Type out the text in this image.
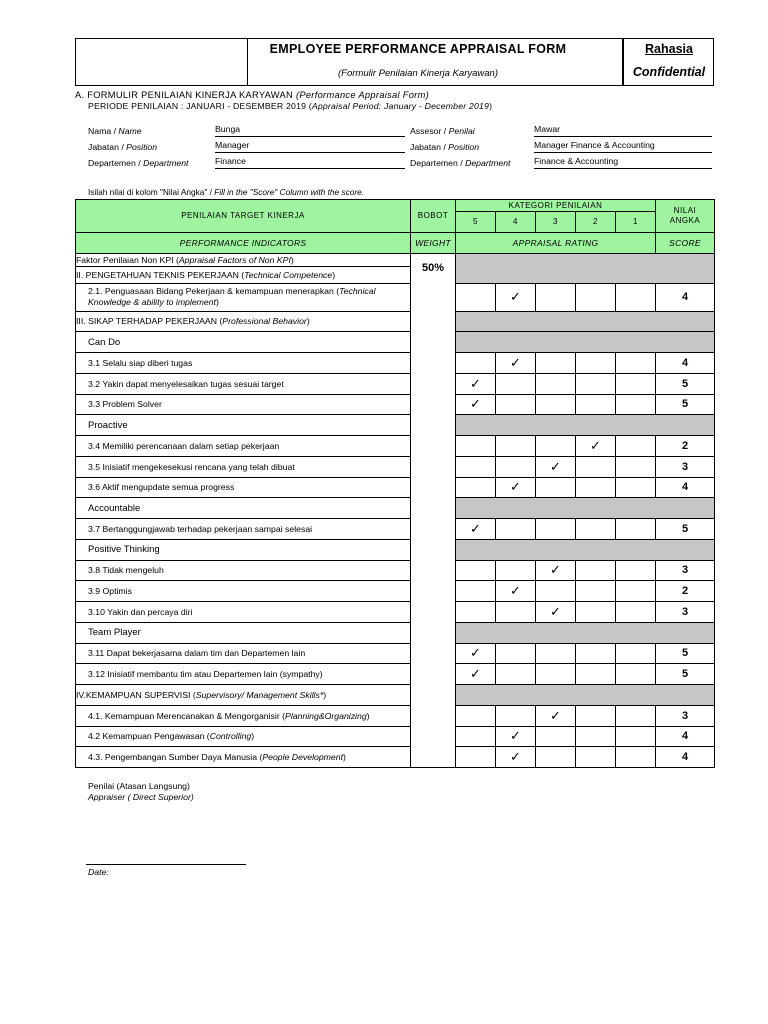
EMPLOYEE PERFORMANCE APPRAISAL FORM
(Formulir Penilaian Kinerja Karyawan)
Rahasia
Confidential
A. FORMULIR PENILAIAN KINERJA KARYAWAN (Performance Appraisal Form)
PERIODE PENILAIAN : JANUARI - DESEMBER 2019 (Appraisal Period: January - December 2019)
Nama / Name	Bunga
Jabatan / Position	Manager
Departemen / Department	Finance
Assesor / Penilai	Mawar
Jabatan / Position	Manager Finance & Accounting
Departemen / Department	Finance & Accounting
Isilah nilai di kolom "Nilai Angka" / Fill in the "Score" Column with the score.
PENILAIAN TARGET KINERJA	BOBOT	KATEGORI PENILAIAN					NILAI ANGKA
		5	4	3	2	1	
PERFORMANCE INDICATORS	WEIGHT	APPRAISAL RATING					SCORE
Faktor Penilaian Non KPI (Appraisal Factors of Non KPI)	50%						
II. PENGETAHUAN TEKNIS PEKERJAAN (Technical Competence)							
2.1. Penguasaan Bidang Pekerjaan & kemampuan menerapkan (Technical Knowledge & ability to implement)			✓				4
III. SIKAP TERHADAP PEKERJAAN (Professional Behavior)							
Can Do							
3.1 Selalu siap diberi tugas			✓				4
3.2 Yakin dapat menyelesaikan tugas sesuai target		✓					5
3.3 Problem Solver		✓					5
Proactive							
3.4 Memiliki perencanaan dalam setiap pekerjaan					✓		2
3.5 Inisiatif mengekesekusi rencana yang telah dibuat				✓			3
3.6 Aktif mengupdate semua progress			✓				4
Accountable							
3.7 Bertanggungjawab terhadap pekerjaan sampai selesai		✓					5
Positive Thinking							
3.8 Tidak mengeluh				✓			3
3.9 Optimis			✓				2
3.10 Yakin dan percaya diri				✓			3
Team Player							
3.11 Dapat bekerjasama dalam tim dan Departemen lain		✓					5
3.12 Inisiatif membantu tim atau Departemen lain (sympathy)		✓					5
IV.KEMAMPUAN SUPERVISI (Supervisory/ Management Skills*)							
4.1. Kemampuan Merencanakan & Mengorganisir (Planning&Organizing)				✓			3
4.2 Kemampuan Pengawasan (Controlling)			✓				4
4.3. Pengembangan Sumber Daya Manusia (People Development)			✓				4
Penilai (Atasan Langsung)
Appraiser ( Direct Superior)
Date:
